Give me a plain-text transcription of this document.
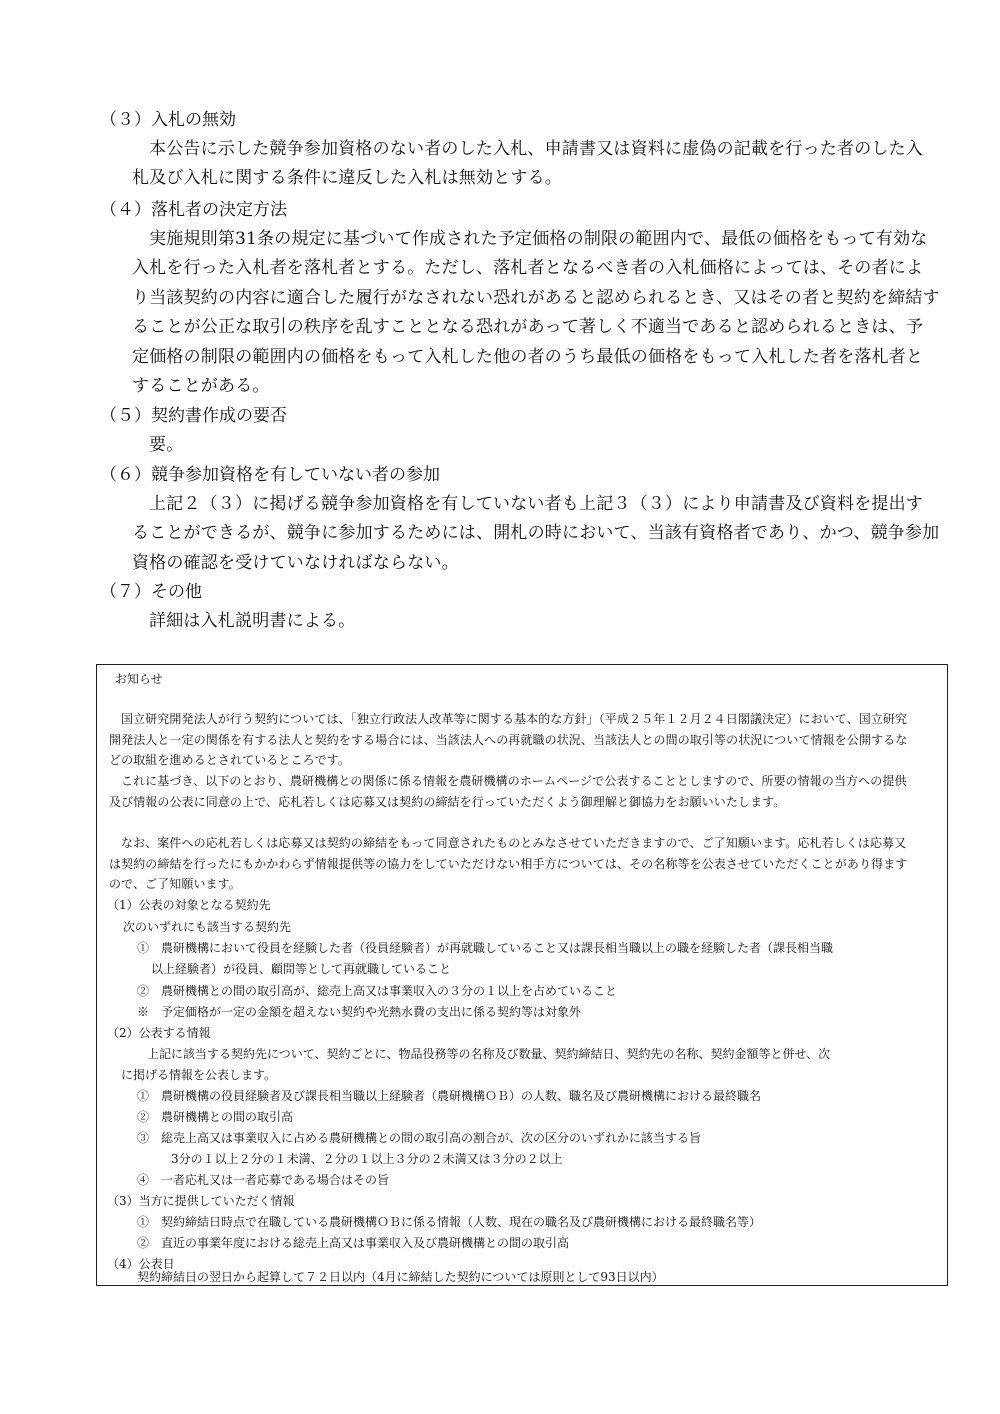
（３）入札の無効
本公告に示した競争参加資格のない者のした入札、申請書又は資料に虚偽の記載を行った者のした入札及び入札に関する条件に違反した入札は無効とする。
（４）落札者の決定方法
実施規則第31条の規定に基づいて作成された予定価格の制限の範囲内で、最低の価格をもって有効な入札を行った入札者を落札者とする。ただし、落札者となるべき者の入札価格によっては、その者により当該契約の内容に適合した履行がなされない恐れがあると認められるとき、又はその者と契約を締結することが公正な取引の秩序を乱すこととなる恐れがあって著しく不適当であると認められるときは、予定価格の制限の範囲内の価格をもって入札した他の者のうち最低の価格をもって入札した者を落札者とすることがある。
（５）契約書作成の要否
要。
（６）競争参加資格を有していない者の参加
上記２（３）に掲げる競争参加資格を有していない者も上記３（３）により申請書及び資料を提出することができるが、競争に参加するためには、開札の時において、当該有資格者であり、かつ、競争参加資格の確認を受けていなければならない。
（７）その他
詳細は入札説明書による。
お知らせ
国立研究開発法人が行う契約については、「独立行政法人改革等に関する基本的な方針」（平成２５年１２月２４日閣議決定）において、国立研究開発法人と一定の関係を有する法人と契約をする場合には、当該法人への再就職の状況、当該法人との間の取引等の状況について情報を公開するなどの取組を進めるとされているところです。
これに基づき、以下のとおり、農研機構との関係に係る情報を農研機構のホームページで公表することとしますので、所要の情報の当方への提供及び情報の公表に同意の上で、応札若しくは応募又は契約の締結を行っていただくよう御理解と御協力をお願いいたします。
なお、案件への応札若しくは応募又は契約の締結をもって同意されたものとみなさせていただきますので、ご了知願います。応札若しくは応募又は契約の締結を行ったにもかかわらず情報提供等の協力をしていただけない相手方については、その名称等を公表させていただくことがあり得ますので、ご了知願います。
（1）公表の対象となる契約先
次のいずれにも該当する契約先
①　農研機構において役員を経験した者（役員経験者）が再就職していること又は課長相当職以上の職を経験した者（課長相当職
以上経験者）が役員、顧問等として再就職していること
②　農研機構との間の取引高が、総売上高又は事業収入の３分の１以上を占めていること
※　予定価格が一定の金額を超えない契約や光熱水費の支出に係る契約等は対象外
（2）公表する情報
上記に該当する契約先について、契約ごとに、物品役務等の名称及び数量、契約締結日、契約先の名称、契約金額等と併せ、次
に掲げる情報を公表します。
①　農研機構の役員経験者及び課長相当職以上経験者（農研機構ＯＢ）の人数、職名及び農研機構における最終職名
②　農研機構との間の取引高
③　総売上高又は事業収入に占める農研機構との間の取引高の割合が、次の区分のいずれかに該当する旨
3分の１以上２分の１未満、２分の１以上３分の２未満又は３分の２以上
④　一者応札又は一者応募である場合はその旨
（3）当方に提供していただく情報
①　契約締結日時点で在職している農研機構ＯＢに係る情報（人数、現在の職名及び農研機構における最終職名等）
②　直近の事業年度における総売上高又は事業収入及び農研機構との間の取引高
（4）公表日
契約締結日の翌日から起算して７２日以内（4月に締結した契約については原則として93日以内）
